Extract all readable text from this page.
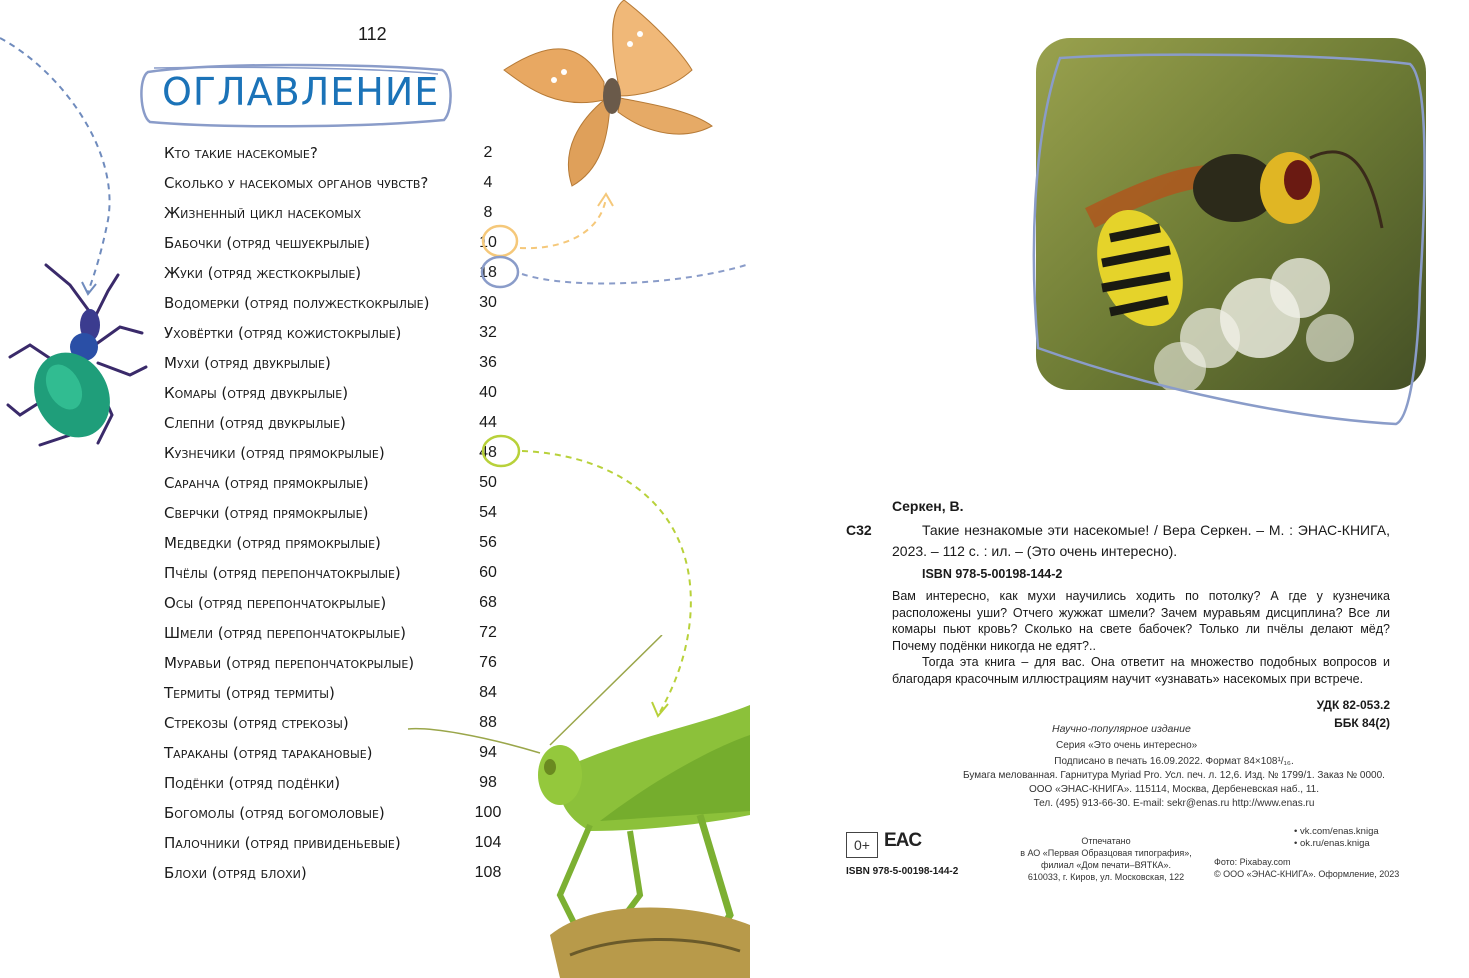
112
ОГЛАВЛЕНИЕ
Кто такие насекомые?	2
Сколько у насекомых органов чувств?	4
Жизненный цикл насекомых	8
Бабочки (отряд чешуекрылые)	10
Жуки (отряд жесткокрылые)	18
Водомерки (отряд полужесткокрылые)	30
Уховёртки (отряд кожистокрылые)	32
Мухи (отряд двукрылые)	36
Комары (отряд двукрылые)	40
Слепни (отряд двукрылые)	44
Кузнечики (отряд прямокрылые)	48
Саранча (отряд прямокрылые)	50
Сверчки (отряд прямокрылые)	54
Медведки (отряд прямокрылые)	56
Пчёлы (отряд перепончатокрылые)	60
Осы (отряд перепончатокрылые)	68
Шмели (отряд перепончатокрылые)	72
Муравьи (отряд перепончатокрылые)	76
Термиты (отряд термиты)	84
Стрекозы (отряд стрекозы)	88
Тараканы (отряд таракановые)	94
Подёнки (отряд подёнки)	98
Богомолы (отряд богомоловые)	100
Палочники (отряд привиденьевые)	104
Блохи (отряд блохи)	108
Серкен, В.
С32	Такие незнакомые эти насекомые! / Вера Серкен. – М. : ЭНАС-КНИГА, 2023. – 112 с. : ил. – (Это очень интересно).
ISBN 978-5-00198-144-2

Вам интересно, как мухи научились ходить по потолку? А где у кузнечика расположены уши? Отчего жужжат шмели? Зачем муравьям дисциплина? Все ли комары пьют кровь? Сколько на свете бабочек? Только ли пчёлы делают мёд? Почему подёнки никогда не едят?..

Тогда эта книга – для вас. Она ответит на множество подобных вопросов и благодаря красочным иллюстрациям научит «узнавать» насекомых при встрече.

УДК 82-053.2
ББК 84(2)
Научно-популярное издание
Серия «Это очень интересно»
Подписано в печать 16.09.2022. Формат 84×108¹/₁₆.
Бумага мелованная. Гарнитура Myriad Pro. Усл. печ. л. 12,6. Изд. № 1799/1. Заказ № 0000.
ООО «ЭНАС-КНИГА». 115114, Москва, Дербеневская наб., 11.
Тел. (495) 913-66-30. E-mail: sekr@enas.ru http://www.enas.ru
0+ EAC
ISBN 978-5-00198-144-2
Отпечатано
в АО «Первая Образцовая типография»,
филиал «Дом печати–ВЯТКА».
610033, г. Киров, ул. Московская, 122
• vk.com/enas.kniga
• ok.ru/enas.kniga
Фото: Pixabay.com
© ООО «ЭНАС-КНИГА». Оформление, 2023
